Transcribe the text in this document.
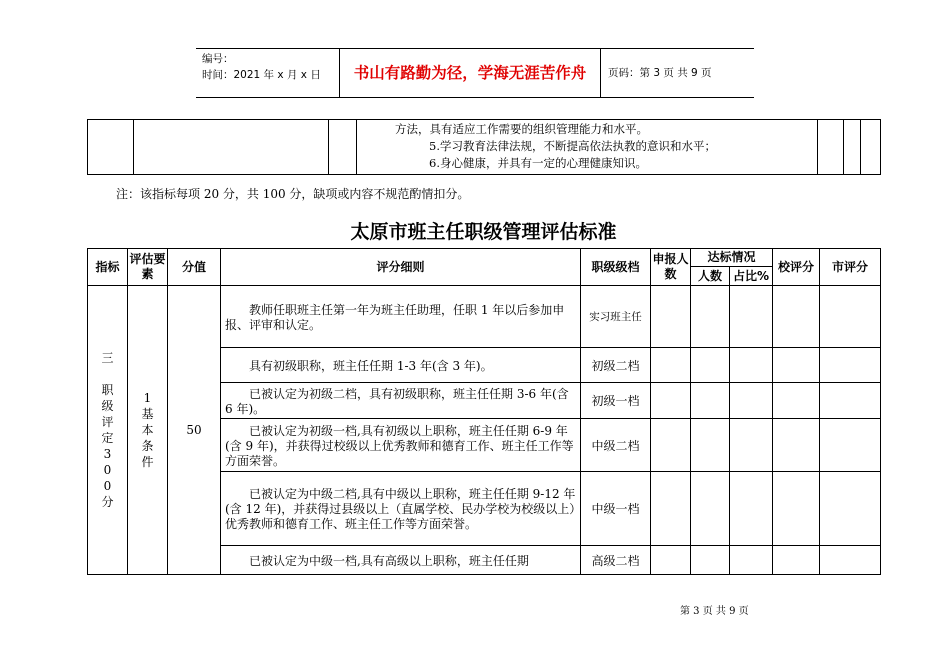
编号：
时间：2021 年 x 月 x 日	书山有路勤为径，学海无涯苦作舟	页码：第 3 页 共 9 页

方法，具有适应工作需要的组织管理能力和水平。
5.学习教育法律法规，不断提高依法执教的意识和水平；
6.身心健康，并具有一定的心理健康知识。

注：该指标每项 20 分，共 100 分，缺项或内容不规范酌情扣分。
太原市班主任职级管理评估标准
指标	评估要素	分值	评分细则	职级级档	申报人数	达标情况		校评分	市评分
						人数	占比%		

三

职级评定300分	1基本条件	50	教师任职班主任第一年为班主任助理，任职 1 年以后参加申报、评审和认定。	实习班主任					
			具有初级职称，班主任任期 1-3 年(含 3 年)。	初级二档					
			已被认定为初级二档，具有初级职称，班主任任期 3-6 年(含 6 年)。	初级一档					
			已被认定为初级一档,具有初级以上职称，班主任任期 6-9 年(含 9 年)，并获得过校级以上优秀教师和德育工作、班主任工作等方面荣誉。	中级二档					
			已被认定为中级二档,具有中级以上职称，班主任任期 9-12 年(含 12 年)，并获得过县级以上（直属学校、民办学校为校级以上）优秀教师和德育工作、班主任工作等方面荣誉。	中级一档					
			已被认定为中级一档,具有高级以上职称，班主任任期	高级二档					
第 3 页 共 9 页
